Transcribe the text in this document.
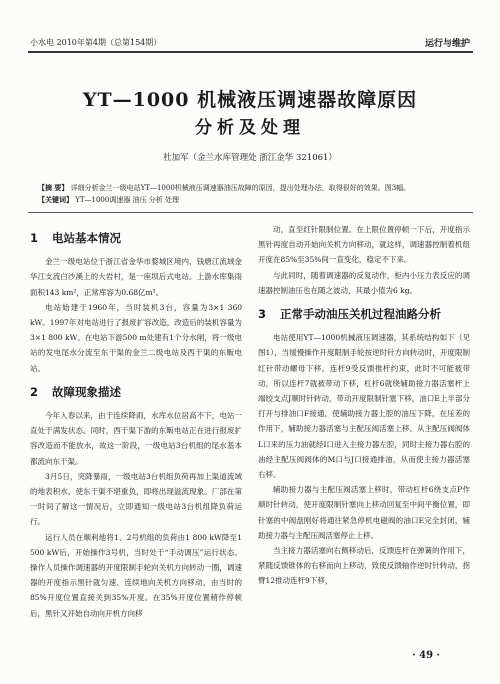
小水电 2010年第4期（总第154期）	运行与维护
YT—1000 机械液压调速器故障原因
分析及处理
杜加军（金兰水库管理处 浙江金华 321061）
【摘 要】 详细分析金兰一级电站YT—1000机械液压调速器油压故障的原因，提出处理办法，取得很好的效果。图3幅。
【关键词】 YT—1000调速器 油压 分析 处理
1 电站基本情况

金兰一级电站位于浙江省金华市婺城区境内、钱塘江流域金华江支流白沙溪上的大岩村，是一座坝后式电站。上游水库集雨面积143 km²，正常库容为0.68亿m³。

电站始建于1960年，当时装机3台，容量为3×1 360 kW。1997年对电站进行了报废扩容改造，改造后的装机容量为3×1 800 kW。在电站下游500 m处建有1个分水闸，将一级电站的发电尾水分流至东干渠的金兰二级电站及西干渠的东畈电站。

2 故障现象描述

今年入春以来，由于连续降雨，水库水位居高不下，电站一直处于满发状态。同时，西干渠下游的东畈电站正在进行报废扩容改造而不能放水，故这一阶段，一级电站3台机组的尾水基本都流向东干渠。

3月5日，突降暴雨，一级电站3台机组负荷再加上渠道流域的地表积水，使东干渠不堪重负，即将出现溢流现象。厂部在第一时间了解这一情况后，立即通知一级电站3台机组降负荷运行。

运行人员在顺利地将1、2号机组的负荷由1 800 kW降至1 500 kW后，开始操作3号机，当时处于“手动调压”运行状态。操作人员操作调速器的开度限制手轮向关机方向转动一圈，调速器的开度指示黑针就匀速、连续地向关机方向移动，由当时的85%开度位置直接关到35%开度。在35%开度位置稍作停顿后，黑针又开始自动向开机方向移

动，直至红针限制位置。在上限位置停顿一下后，开度指示黑针再度自动开始向关机方向移动，就这样，调速器控制着机组开度在85%至35%间一直变化，稳定不下来。

与此同时，随着调速器的反复动作，柜内小压力表反应的调速器控制油压也在随之波动，其最小值为6 kg。

3 正常手动油压关机过程油路分析

电站使用YT—1000机械液压调速器，其系统结构如下（见图1），当缓慢操作开度限制手轮按逆时针方向转动时，开度限制红针带动螺母下移。连杆9受反馈推杆约束，此时不可能被带动，所以连杆7就被带动下移，杠杆6就绕辅助接力器活塞杆上端绞支点J顺时针转动，带动开度限制针塞下移，油口E上半部分打开与排油口F接通，使辅助接力器上腔的油压下降，在压差的作用下，辅助接力器活塞与主配压阀活塞上移。从主配压阀阀体L口来的压力油就经I口进入主接力器左腔，同时主接力器右腔的油经主配压阀阀体的M口与J口接通排油，从而使主接力器活塞右移。

辅助接力器与主配压阀活塞上移时，带动杠杆6绕支点P作顺时针转动，使开度限制针塞向上移动回复至中间平衡位置，即针塞的中阀盘刚好将通往紧急停机电磁阀的油口E完全封闭，辅助接力器与主配压阀活塞停止上移。

当主接力器活塞向右侧移动后，反馈连杆在弹簧的作用下，紧随反馈锥体的右移而向上移动，致使反馈轴作逆时针转动，拐臂12推动连杆9下移，

· 49 ·
